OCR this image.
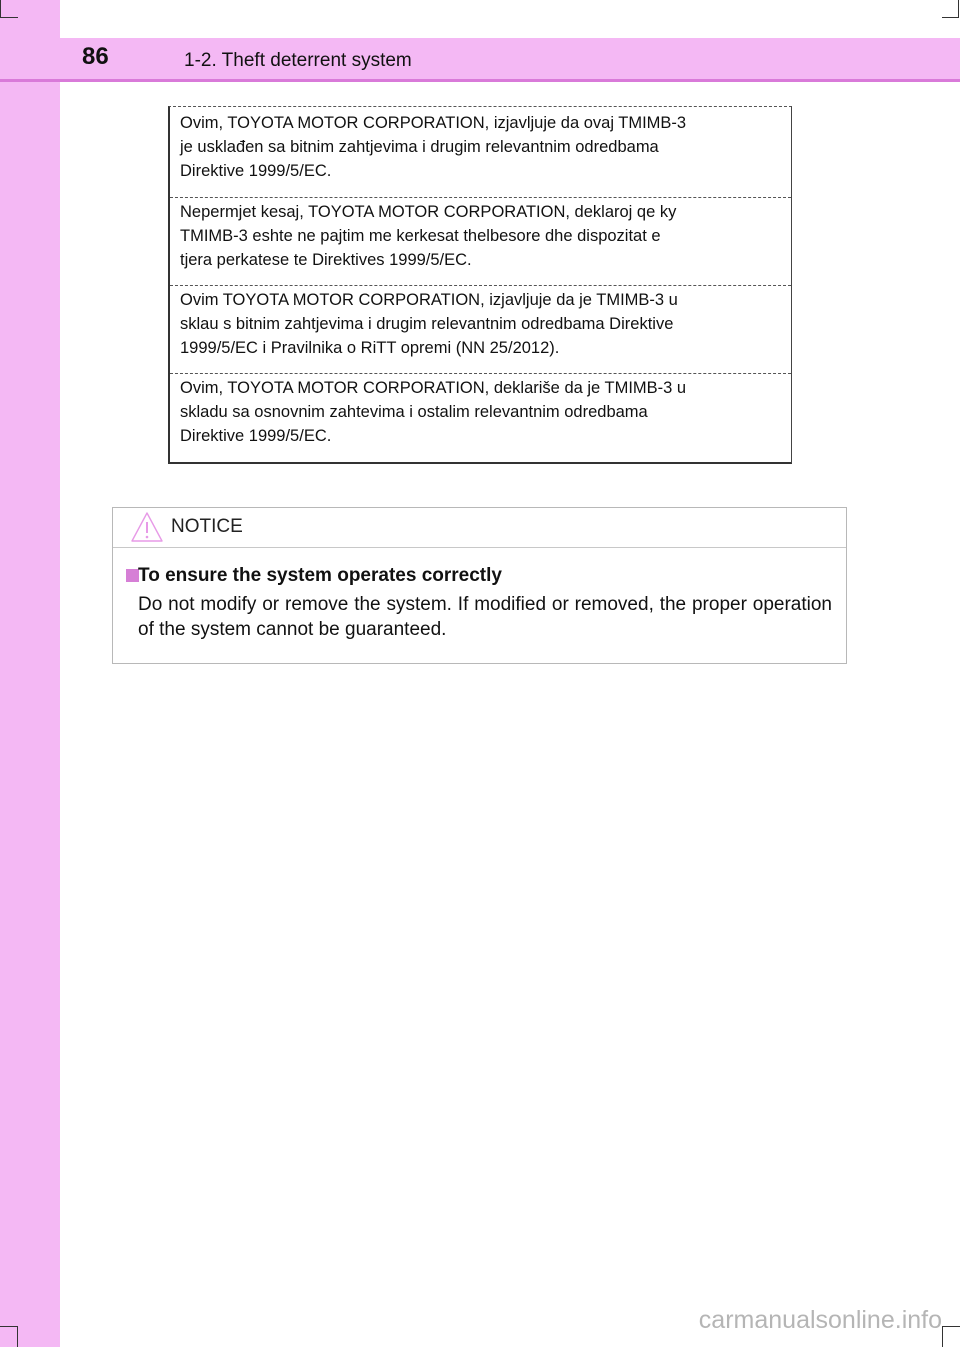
86	1-2. Theft deterrent system
Ovim, TOYOTA MOTOR CORPORATION, izjavljuje da ovaj TMIMB-3
je usklađen sa bitnim zahtjevima i drugim relevantnim odredbama
Direktive 1999/5/EC.
Nepermjet kesaj, TOYOTA MOTOR CORPORATION, deklaroj qe ky
TMIMB-3 eshte ne pajtim me kerkesat thelbesore dhe dispozitat e
tjera perkatese te Direktives 1999/5/EC.
Ovim TOYOTA MOTOR CORPORATION, izjavljuje da je TMIMB-3 u
sklau s bitnim zahtjevima i drugim relevantnim odredbama Direktive
1999/5/EC i Pravilnika o RiTT opremi (NN 25/2012).
Ovim, TOYOTA MOTOR CORPORATION, deklariše da je TMIMB-3 u
skladu sa osnovnim zahtevima i ostalim relevantnim odredbama
Direktive 1999/5/EC.
NOTICE
To ensure the system operates correctly
Do not modify or remove the system. If modified or removed, the proper operation of the system cannot be guaranteed.
carmanualsonline.info
